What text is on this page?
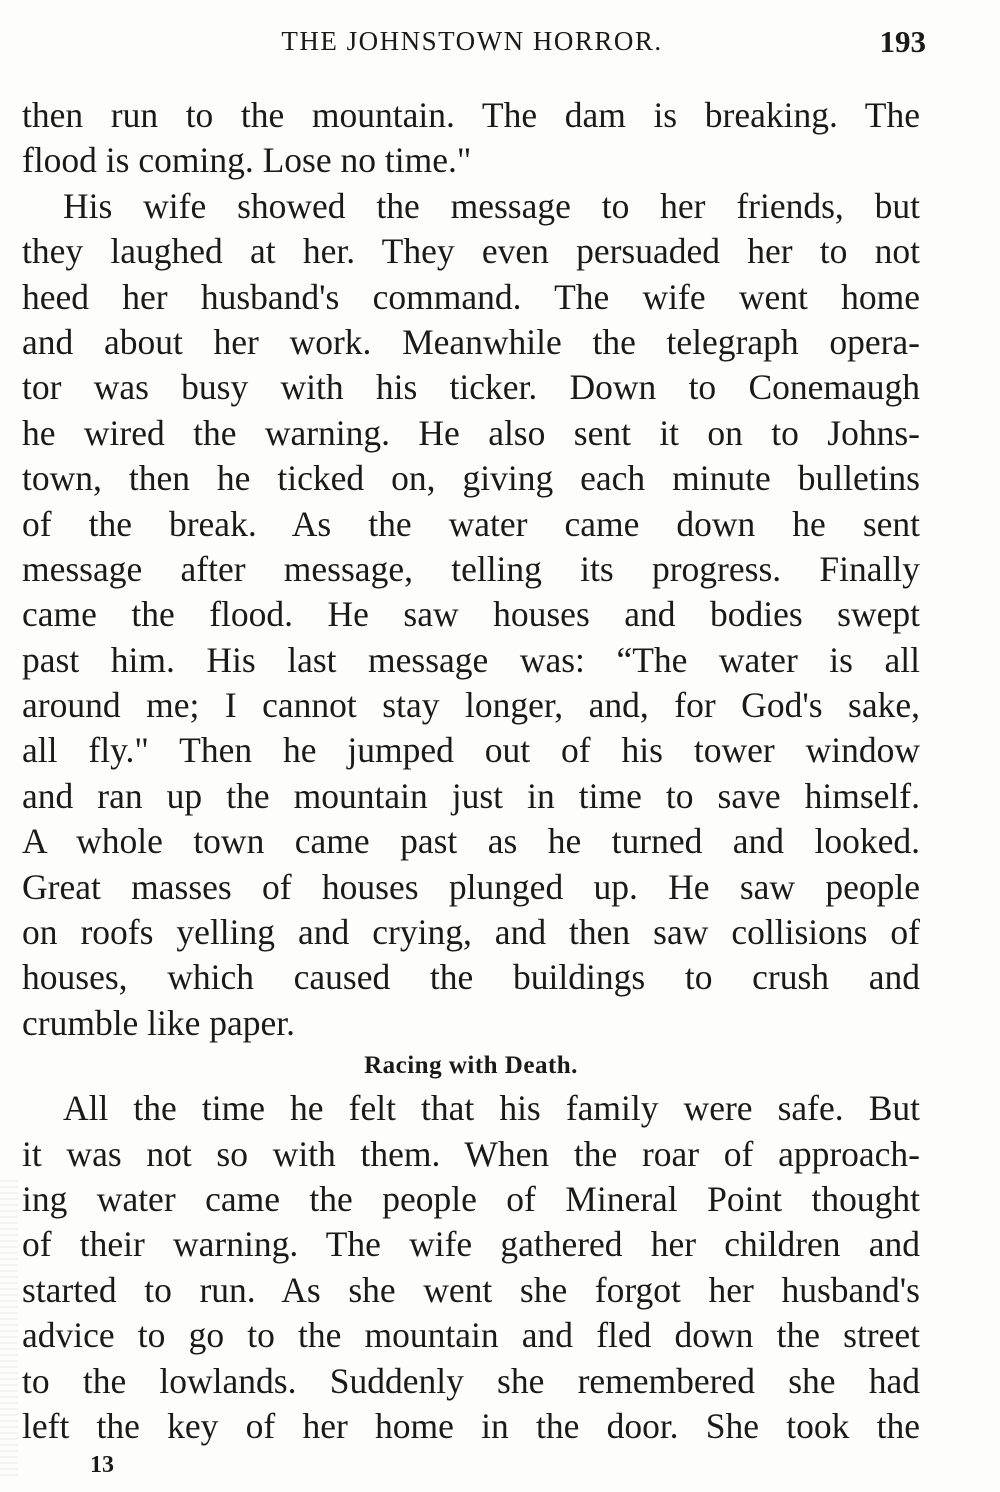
THE JOHNSTOWN HORROR.	193
then run to the mountain. The dam is breaking. The
flood is coming. Lose no time."
His wife showed the message to her friends, but
they laughed at her. They even persuaded her to not
heed her husband's command. The wife went home
and about her work. Meanwhile the telegraph opera-
tor was busy with his ticker. Down to Conemaugh
he wired the warning. He also sent it on to Johns-
town, then he ticked on, giving each minute bulletins
of the break. As the water came down he sent
message after message, telling its progress. Finally
came the flood. He saw houses and bodies swept
past him. His last message was: “The water is all
around me; I cannot stay longer, and, for God's sake,
all fly." Then he jumped out of his tower window
and ran up the mountain just in time to save himself.
A whole town came past as he turned and looked.
Great masses of houses plunged up. He saw people
on roofs yelling and crying, and then saw collisions of
houses, which caused the buildings to crush and
crumble like paper.
Racing with Death.
All the time he felt that his family were safe. But
it was not so with them. When the roar of approach-
ing water came the people of Mineral Point thought
of their warning. The wife gathered her children and
started to run. As she went she forgot her husband's
advice to go to the mountain and fled down the street
to the lowlands. Suddenly she remembered she had
left the key of her home in the door. She took the
13
